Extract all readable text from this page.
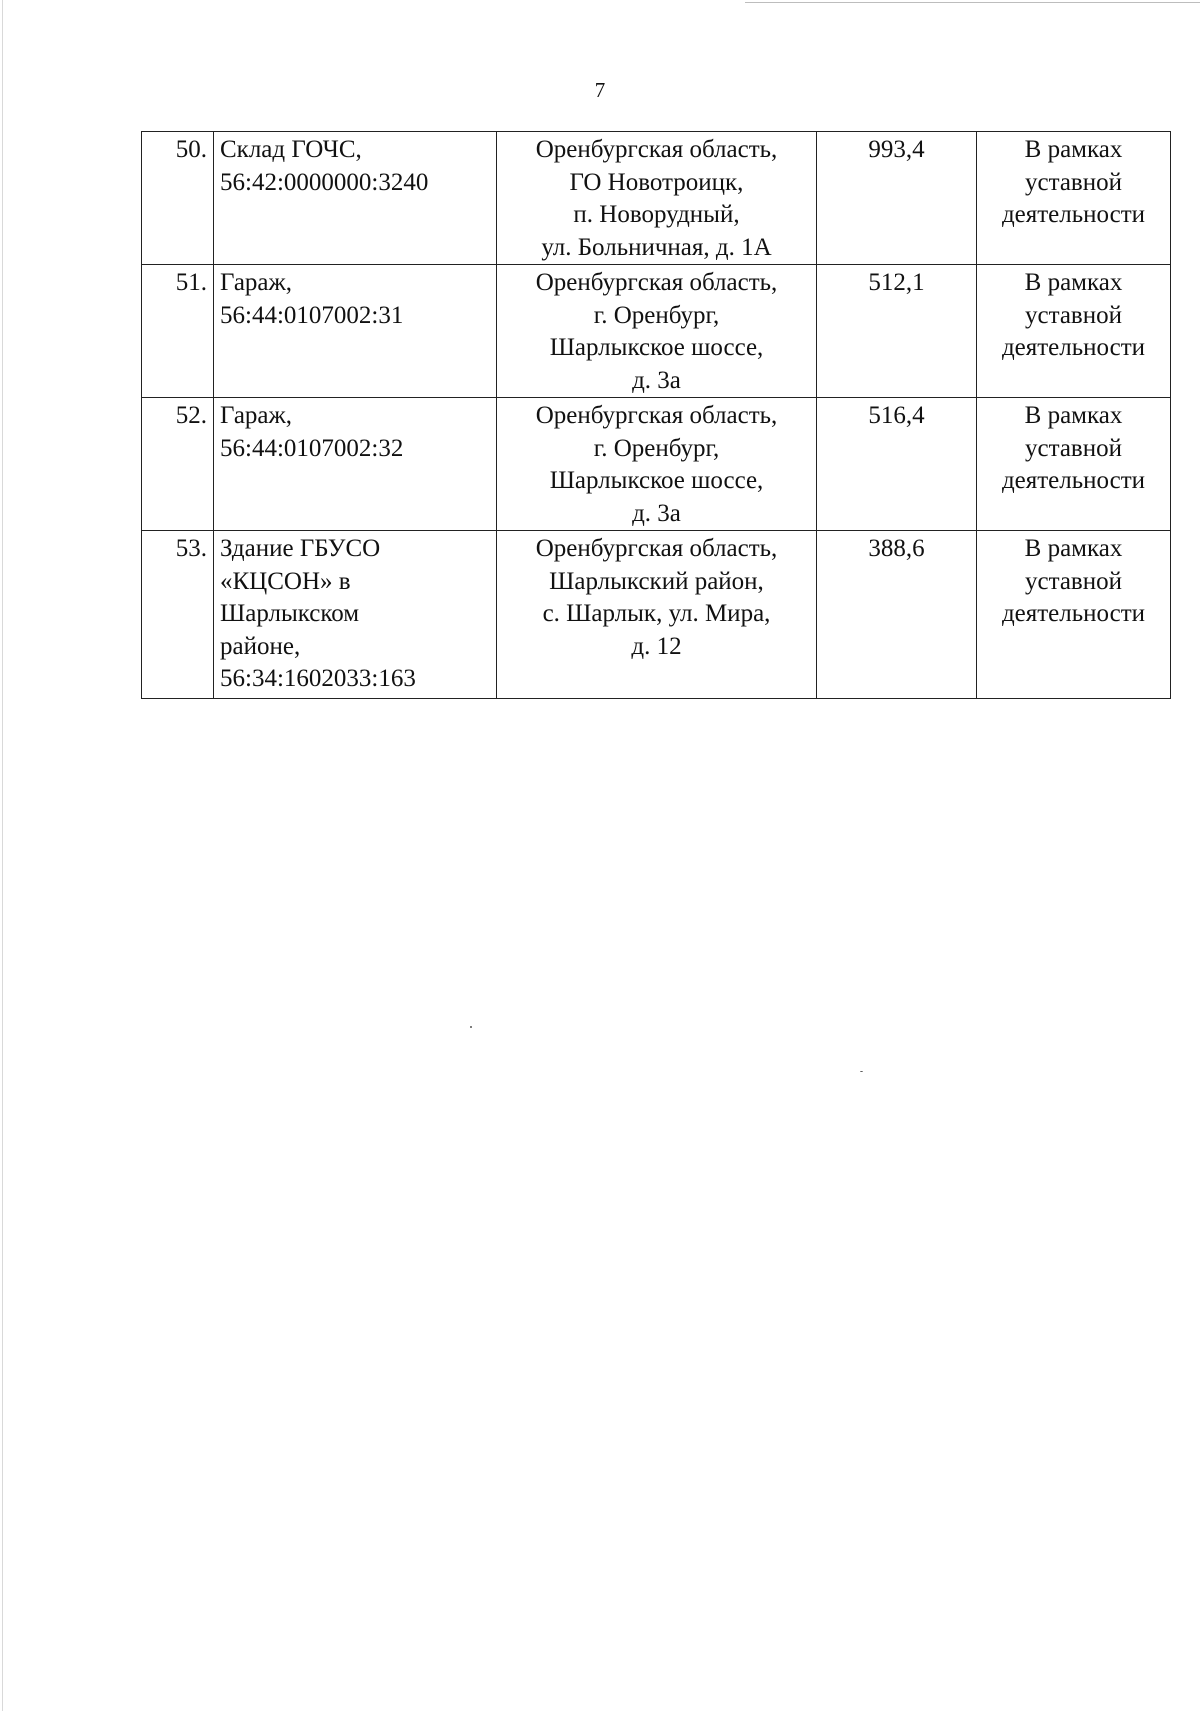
7
50.	Склад ГОЧС,
56:42:0000000:3240	Оренбургская область,
ГО Новотроицк,
п. Новорудный,
ул. Больничная, д. 1А	993,4	В рамках
уставной
деятельности

51.	Гараж,
56:44:0107002:31	Оренбургская область,
г. Оренбург,
Шарлыкское шоссе,
д. 3а	512,1	В рамках
уставной
деятельности

52.	Гараж,
56:44:0107002:32	Оренбургская область,
г. Оренбург,
Шарлыкское шоссе,
д. 3а	516,4	В рамках
уставной
деятельности

53.	Здание ГБУСО
«КЦСОН» в
Шарлыкском
районе,
56:34:1602033:163	Оренбургская область,
Шарлыкский район,
с. Шарлык, ул. Мира,
д. 12	388,6	В рамках
уставной
деятельности
